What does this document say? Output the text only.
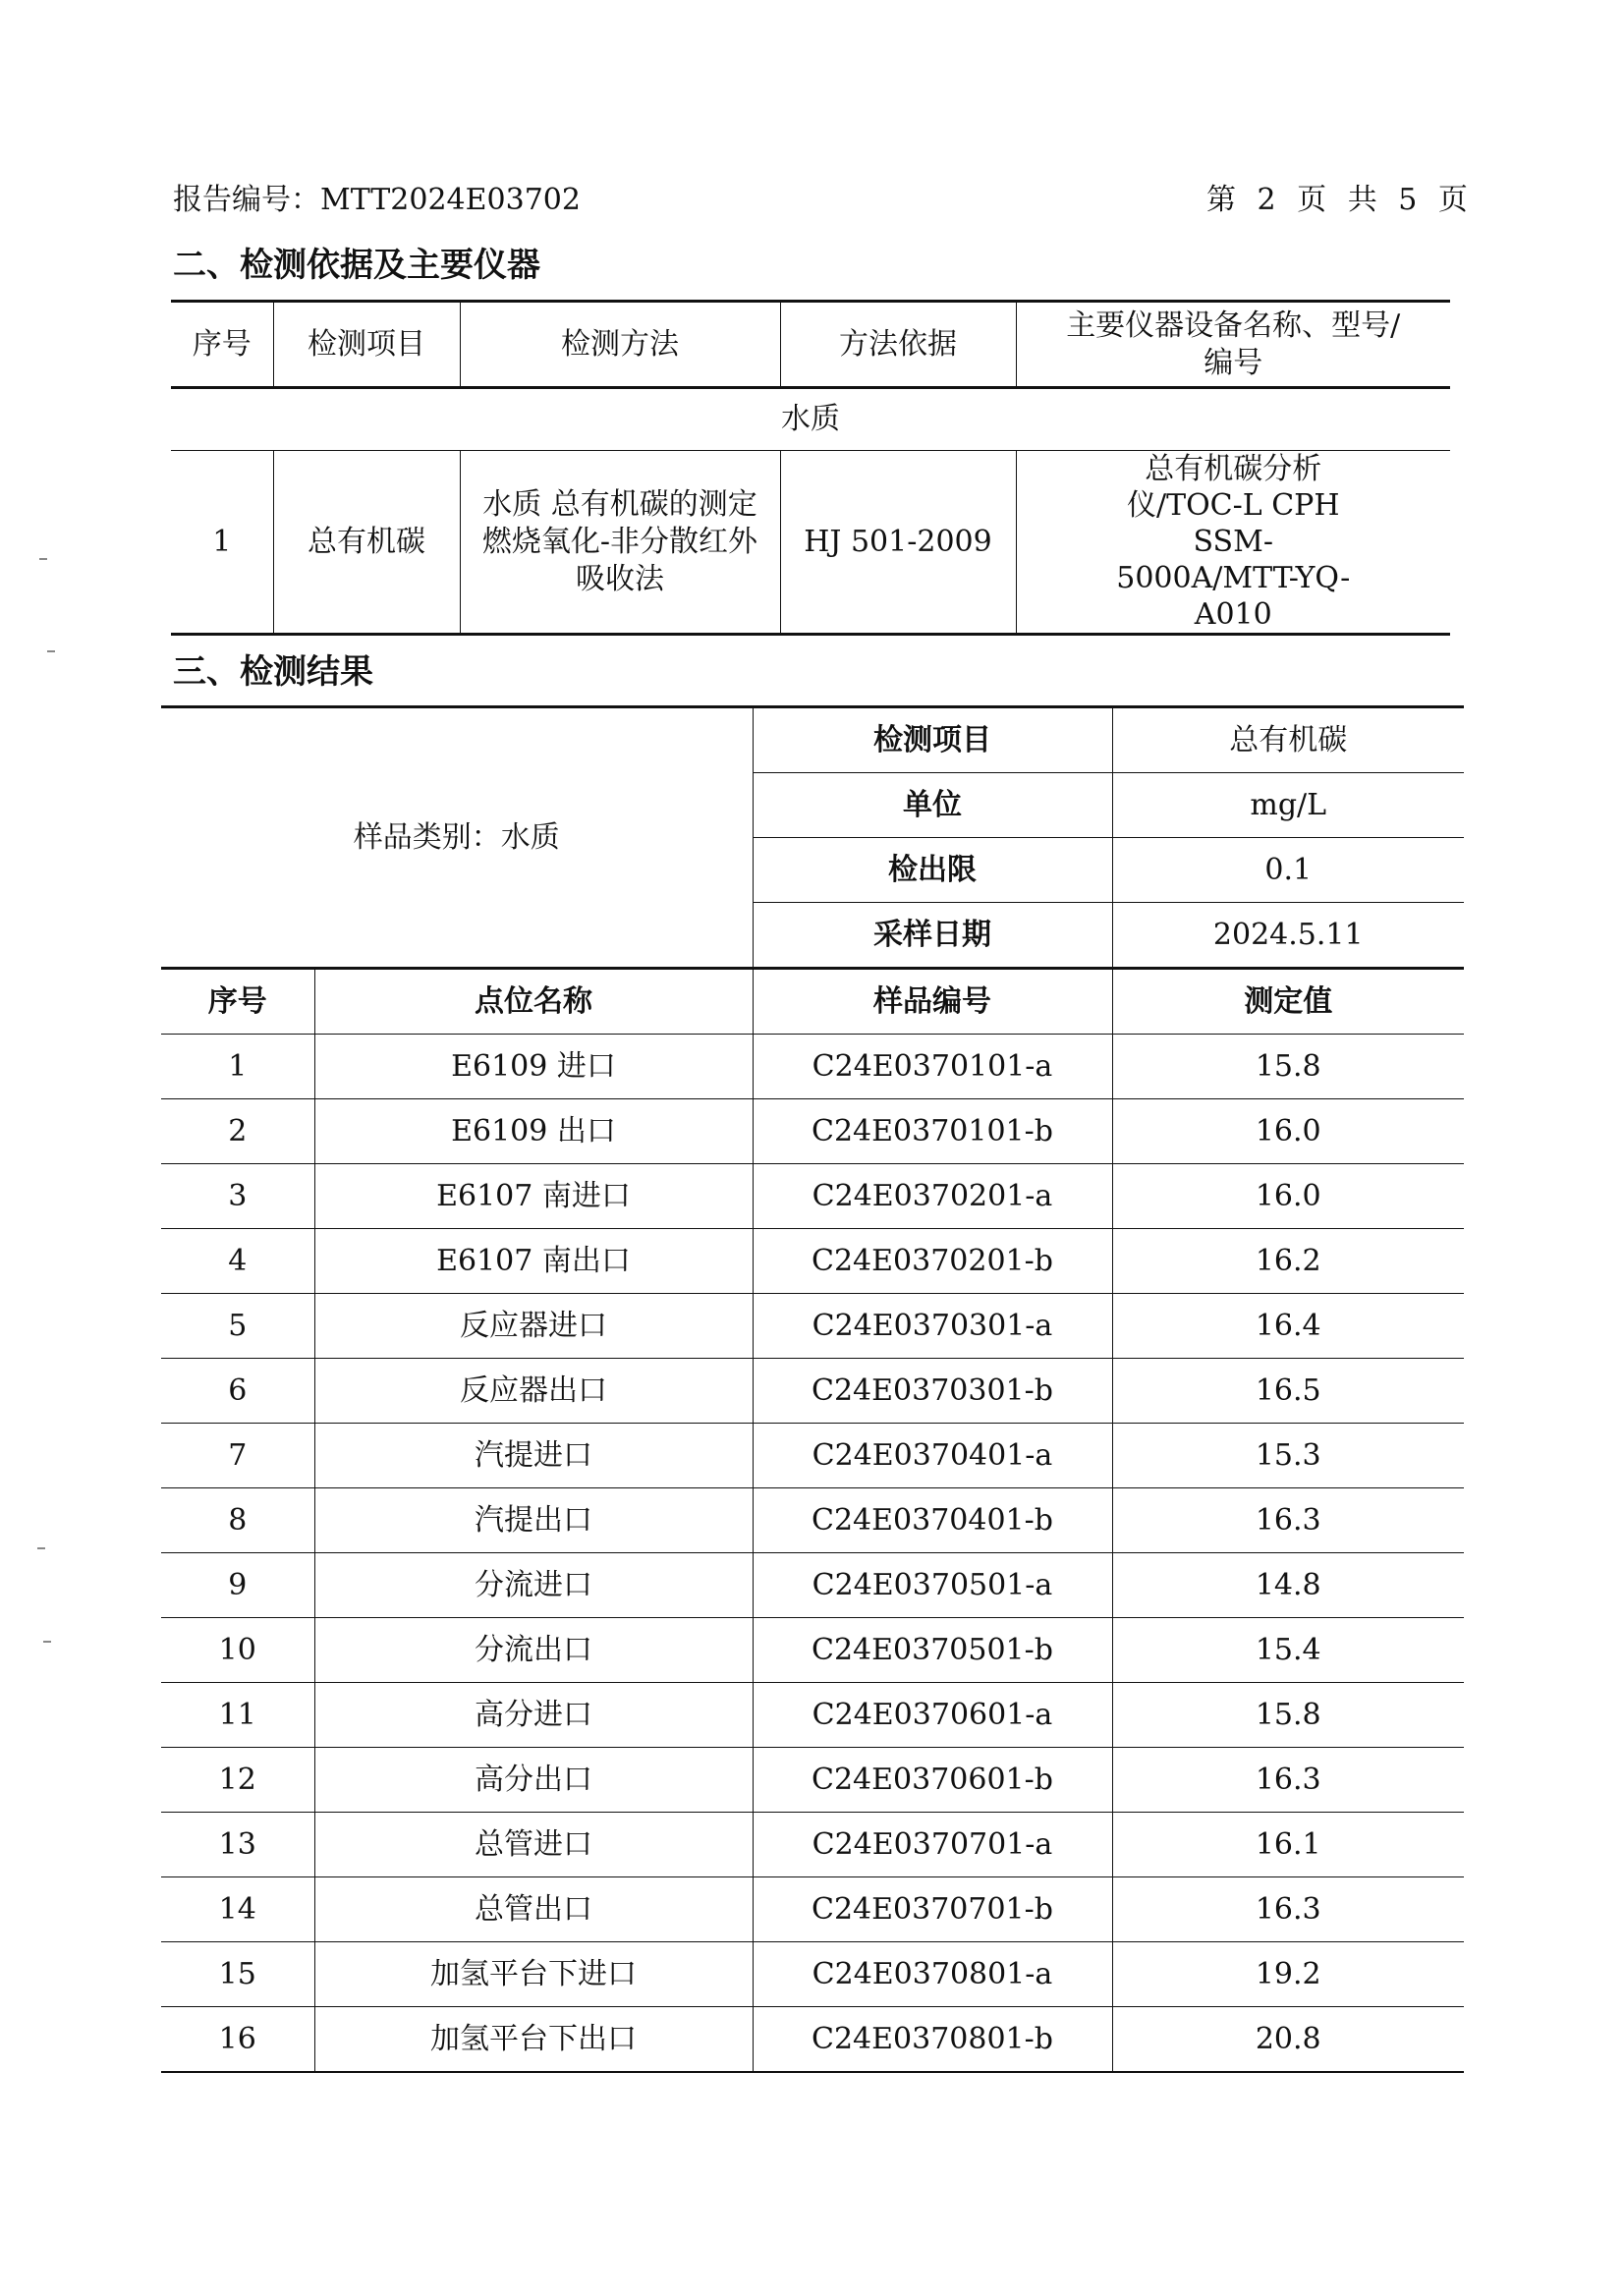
报告编号：MTT2024E03702	第 2 页 共 5 页
二、检测依据及主要仪器
序号	检测项目	检测方法	方法依据	主要仪器设备名称、型号/编号
水质				
1	总有机碳	水质 总有机碳的测定 燃烧氧化-非分散红外吸收法	HJ 501-2009	总有机碳分析仪/TOC-L CPH SSM-5000A/MTT-YQ-A010
三、检测结果
样品类别：水质		检测项目	总有机碳
		单位	mg/L
		检出限	0.1
		采样日期	2024.5.11
序号	点位名称	样品编号	测定值
1	E6109 进口	C24E0370101-a	15.8
2	E6109 出口	C24E0370101-b	16.0
3	E6107 南进口	C24E0370201-a	16.0
4	E6107 南出口	C24E0370201-b	16.2
5	反应器进口	C24E0370301-a	16.4
6	反应器出口	C24E0370301-b	16.5
7	汽提进口	C24E0370401-a	15.3
8	汽提出口	C24E0370401-b	16.3
9	分流进口	C24E0370501-a	14.8
10	分流出口	C24E0370501-b	15.4
11	高分进口	C24E0370601-a	15.8
12	高分出口	C24E0370601-b	16.3
13	总管进口	C24E0370701-a	16.1
14	总管出口	C24E0370701-b	16.3
15	加氢平台下进口	C24E0370801-a	19.2
16	加氢平台下出口	C24E0370801-b	20.8
